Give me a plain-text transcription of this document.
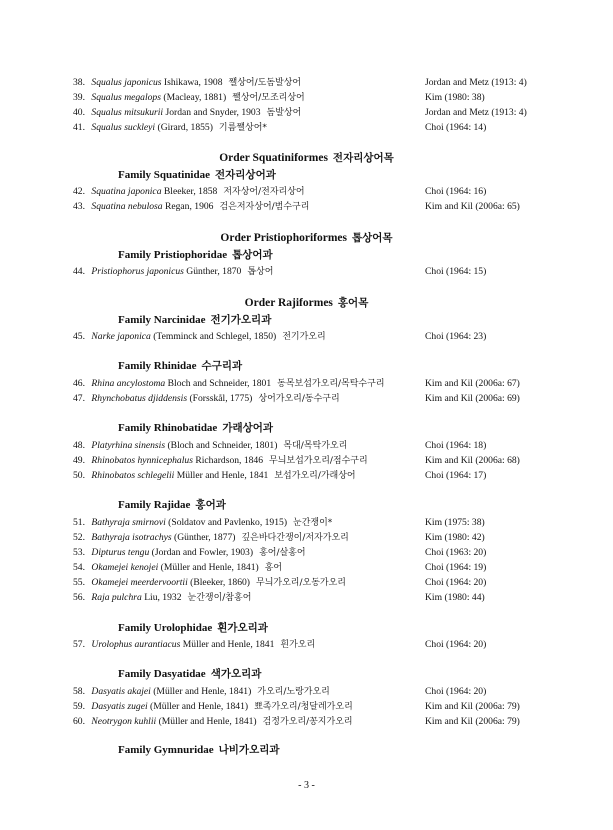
38. Squalus japonicus Ishikawa, 1908 쨀상어/도돔발상어	Jordan and Metz (1913: 4)
39. Squalus megalops (Macleay, 1881) 쨀상어/모조리상어	Kim (1980: 38)
40. Squalus mitsukurii Jordan and Snyder, 1903 돔발상어	Jordan and Metz (1913: 4)
41. Squalus suckleyi (Girard, 1855) 기름쨀상어*	Choi (1964: 14)
Order Squatiniformes 전자리상어목
Family Squatinidae 전자리상어과
42. Squatina japonica Bleeker, 1858 저자상어/전자리상어	Choi (1964: 16)
43. Squatina nebulosa Regan, 1906 검은저자상어/범수구리	Kim and Kil (2006a: 65)
Order Pristiophoriformes 톱상어목
Family Pristiophoridae 톱상어과
44. Pristiophorus japonicus Günther, 1870 톱상어	Choi (1964: 15)
Order Rajiformes 홍어목
Family Narcinidae 전기가오리과
45. Narke japonica (Temminck and Schlegel, 1850) 전기가오리	Choi (1964: 23)
Family Rhinidae 수구리과
46. Rhina ancylostoma Bloch and Schneider, 1801 동목보섭가오리/목탁수구리	Kim and Kil (2006a: 67)
47. Rhynchobatus djiddensis (Forsskål, 1775) 상어가오리/동수구리	Kim and Kil (2006a: 69)
Family Rhinobatidae 가래상어과
48. Platyrhina sinensis (Bloch and Schneider, 1801) 목대/목탁가오리	Choi (1964: 18)
49. Rhinobatos hynnicephalus Richardson, 1846 무늬보섭가오리/점수구리	Kim and Kil (2006a: 68)
50. Rhinobatos schlegelii Müller and Henle, 1841 보섭가오리/가래상어	Choi (1964: 17)
Family Rajidae 홍어과
51. Bathyraja smirnovi (Soldatov and Pavlenko, 1915) 눈간쟁이*	Kim (1975: 38)
52. Bathyraja isotrachys (Günther, 1877) 깊은바다간쟁이/저자가오리	Kim (1980: 42)
53. Dipturus tengu (Jordan and Fowler, 1903) 홍어/살홍어	Choi (1963: 20)
54. Okamejei kenojei (Müller and Henle, 1841) 홍어	Choi (1964: 19)
55. Okamejei meerdervoortii (Bleeker, 1860) 무늬가오리/오동가오리	Choi (1964: 20)
56. Raja pulchra Liu, 1932 눈간쟁이/참홍어	Kim (1980: 44)
Family Urolophidae 흰가오리과
57. Urolophus aurantiacus Müller and Henle, 1841 흰가오리	Choi (1964: 20)
Family Dasyatidae 색가오리과
58. Dasyatis akajei (Müller and Henle, 1841) 가오리/노랑가오리	Choi (1964: 20)
59. Dasyatis zugei (Müller and Henle, 1841) 뾰족가오리/청달레가오리	Kim and Kil (2006a: 79)
60. Neotrygon kuhlii (Müller and Henle, 1841) 검정가오리/꽁지가오리	Kim and Kil (2006a: 79)
Family Gymnuridae 나비가오리과
- 3 -
